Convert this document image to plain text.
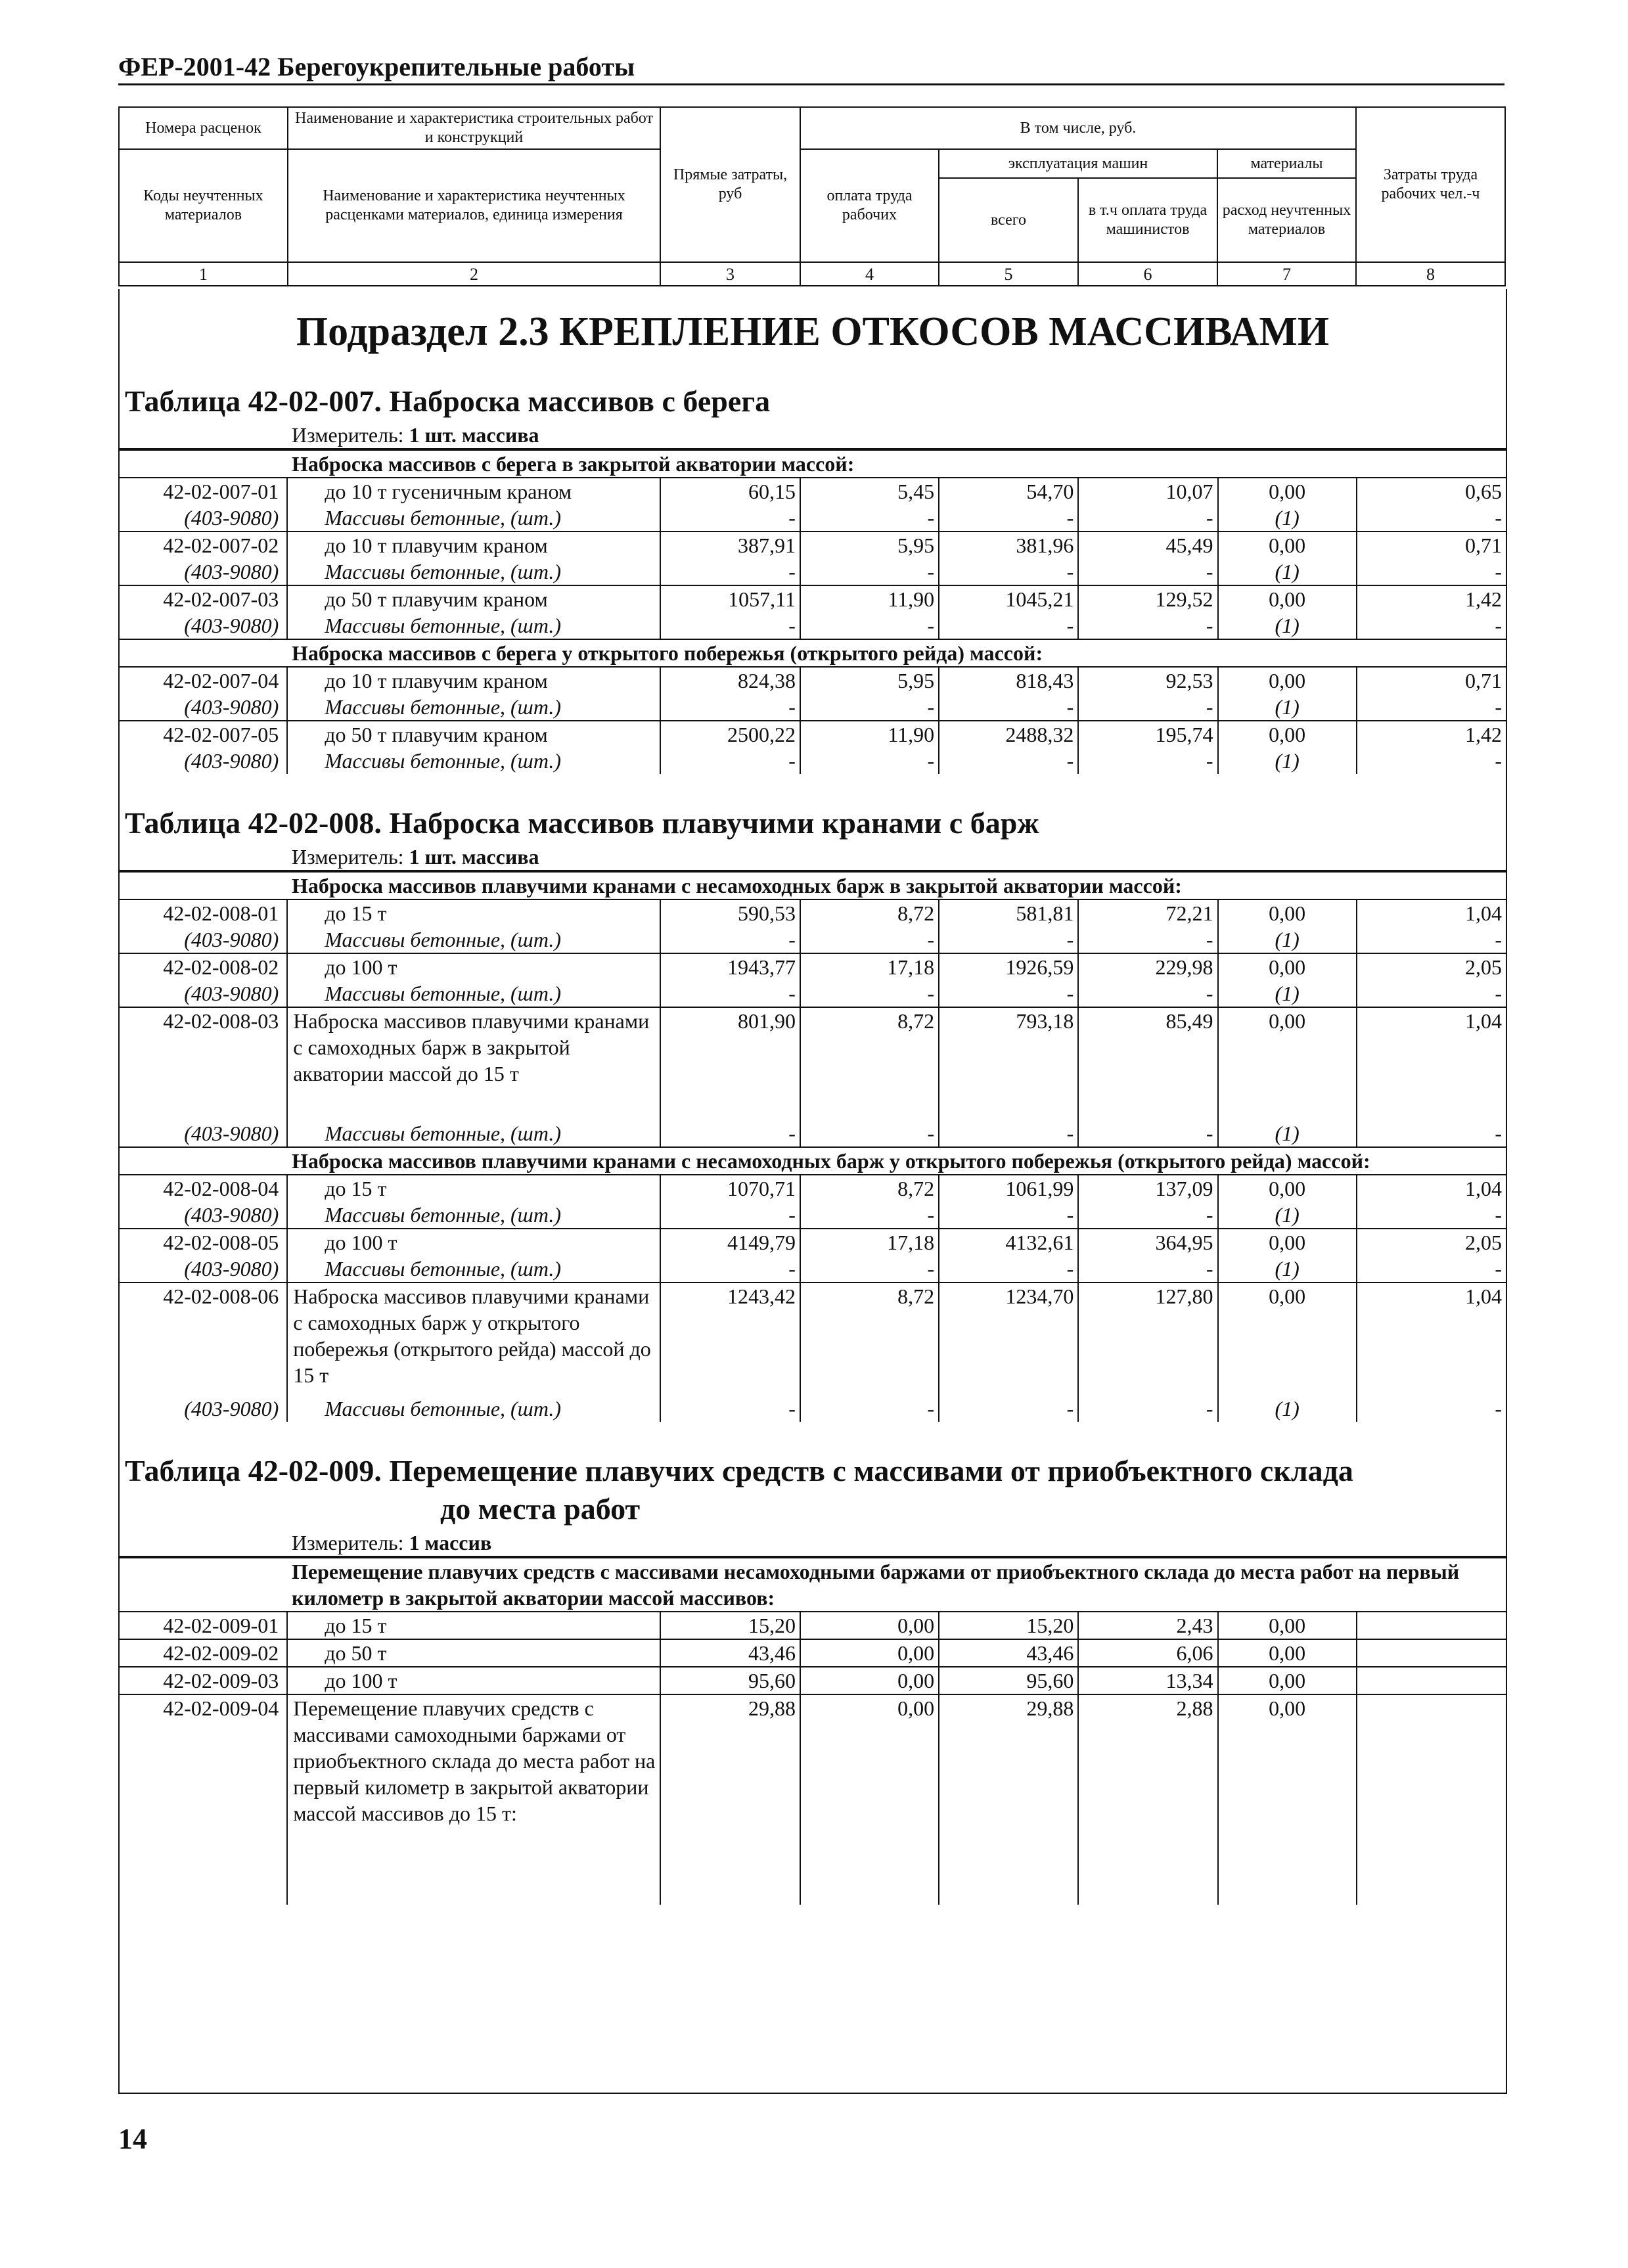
ФЕР-2001-42 Берегоукрепительные работы
Номера расценок	Наименование и характеристика строительных работ и конструкций	Прямые затраты, руб	В том числе, руб.				Затраты труда рабочих чел.-ч
Коды неучтенных материалов	Наименование и характеристика неучтенных расценками материалов, единица измерения		оплата труда рабочих	эксплуатация машин		материалы	
				всего	в т.ч оплата труда машинистов	расход неучтенных материалов	
1	2	3	4	5	6	7	8
Подраздел 2.3 КРЕПЛЕНИЕ ОТКОСОВ МАССИВАМИ
Таблица 42-02-007. Наброска массивов с берега
Измеритель: 1 шт. массива
Наброска массивов с берега в закрытой акватории массой:
42-02-007-01	до 10 т гусеничным краном	60,15	5,45	54,70	10,07	0,00	0,65
(403-9080)	Массивы бетонные, (шт.)	-	-	-	-	(1)	-
42-02-007-02	до 10 т плавучим краном	387,91	5,95	381,96	45,49	0,00	0,71
(403-9080)	Массивы бетонные, (шт.)	-	-	-	-	(1)	-
42-02-007-03	до 50 т плавучим краном	1057,11	11,90	1045,21	129,52	0,00	1,42
(403-9080)	Массивы бетонные, (шт.)	-	-	-	-	(1)	-
Наброска массивов с берега у открытого побережья (открытого рейда) массой:
42-02-007-04	до 10 т плавучим краном	824,38	5,95	818,43	92,53	0,00	0,71
(403-9080)	Массивы бетонные, (шт.)	-	-	-	-	(1)	-
42-02-007-05	до 50 т плавучим краном	2500,22	11,90	2488,32	195,74	0,00	1,42
(403-9080)	Массивы бетонные, (шт.)	-	-	-	-	(1)	-
Таблица 42-02-008. Наброска массивов плавучими кранами с барж
Измеритель: 1 шт. массива
Наброска массивов плавучими кранами с несамоходных барж в закрытой акватории массой:
42-02-008-01	до 15 т	590,53	8,72	581,81	72,21	0,00	1,04
(403-9080)	Массивы бетонные, (шт.)	-	-	-	-	(1)	-
42-02-008-02	до 100 т	1943,77	17,18	1926,59	229,98	0,00	2,05
(403-9080)	Массивы бетонные, (шт.)	-	-	-	-	(1)	-
42-02-008-03	Наброска массивов плавучими кранами с самоходных барж в закрытой акватории массой до 15 т	801,90	8,72	793,18	85,49	0,00	1,04
(403-9080)	Массивы бетонные, (шт.)	-	-	-	-	(1)	-
Наброска массивов плавучими кранами с несамоходных барж у открытого побережья (открытого рейда) массой:
42-02-008-04	до 15 т	1070,71	8,72	1061,99	137,09	0,00	1,04
(403-9080)	Массивы бетонные, (шт.)	-	-	-	-	(1)	-
42-02-008-05	до 100 т	4149,79	17,18	4132,61	364,95	0,00	2,05
(403-9080)	Массивы бетонные, (шт.)	-	-	-	-	(1)	-
42-02-008-06	Наброска массивов плавучими кранами с самоходных барж у открытого побережья (открытого рейда) массой до 15 т	1243,42	8,72	1234,70	127,80	0,00	1,04
(403-9080)	Массивы бетонные, (шт.)	-	-	-	-	(1)	-
Таблица 42-02-009. Перемещение плавучих средств с массивами от приобъектного склада
до места работ
Измеритель: 1 массив
Перемещение плавучих средств с массивами несамоходными баржами от приобъектного склада до места работ на первый километр в закрытой акватории массой массивов:
42-02-009-01	до 15 т	15,20	0,00	15,20	2,43	0,00	
42-02-009-02	до 50 т	43,46	0,00	43,46	6,06	0,00	
42-02-009-03	до 100 т	95,60	0,00	95,60	13,34	0,00	
42-02-009-04	Перемещение плавучих средств с массивами самоходными баржами от приобъектного склада до места работ на первый километр в закрытой акватории массой массивов до 15 т:	29,88	0,00	29,88	2,88	0,00	
14
